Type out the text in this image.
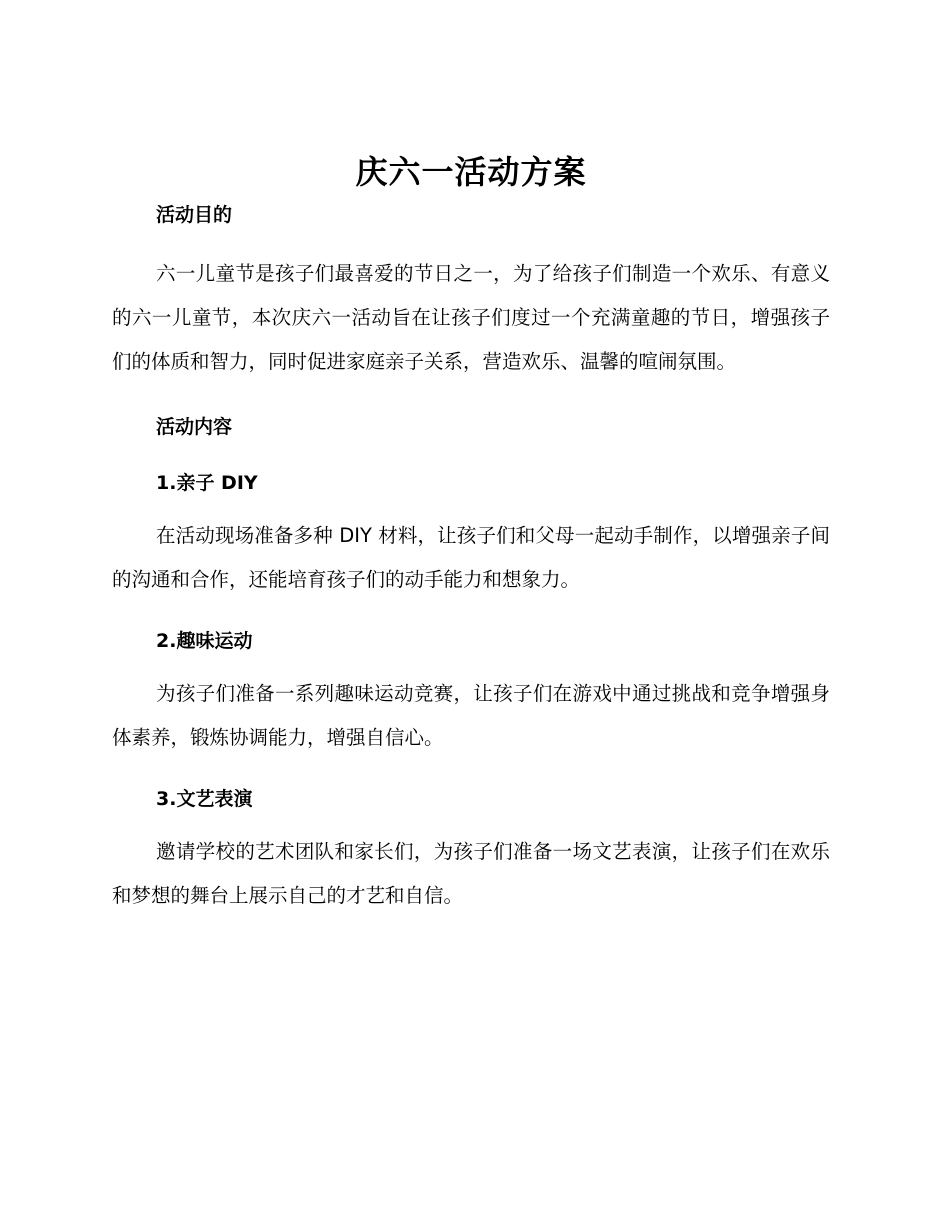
庆六一活动方案
活动目的

六一儿童节是孩子们最喜爱的节日之一，为了给孩子们制造一个欢乐、有意义的六一儿童节，本次庆六一活动旨在让孩子们度过一个充满童趣的节日，增强孩子们的体质和智力，同时促进家庭亲子关系，营造欢乐、温馨的喧闹氛围。

活动内容
1.亲子 DIY

在活动现场准备多种 DIY 材料，让孩子们和父母一起动手制作，以增强亲子间的沟通和合作，还能培育孩子们的动手能力和想象力。

2.趣味运动

为孩子们准备一系列趣味运动竞赛，让孩子们在游戏中通过挑战和竞争增强身体素养，锻炼协调能力，增强自信心。

3.文艺表演

邀请学校的艺术团队和家长们，为孩子们准备一场文艺表演，让孩子们在欢乐和梦想的舞台上展示自己的才艺和自信。
